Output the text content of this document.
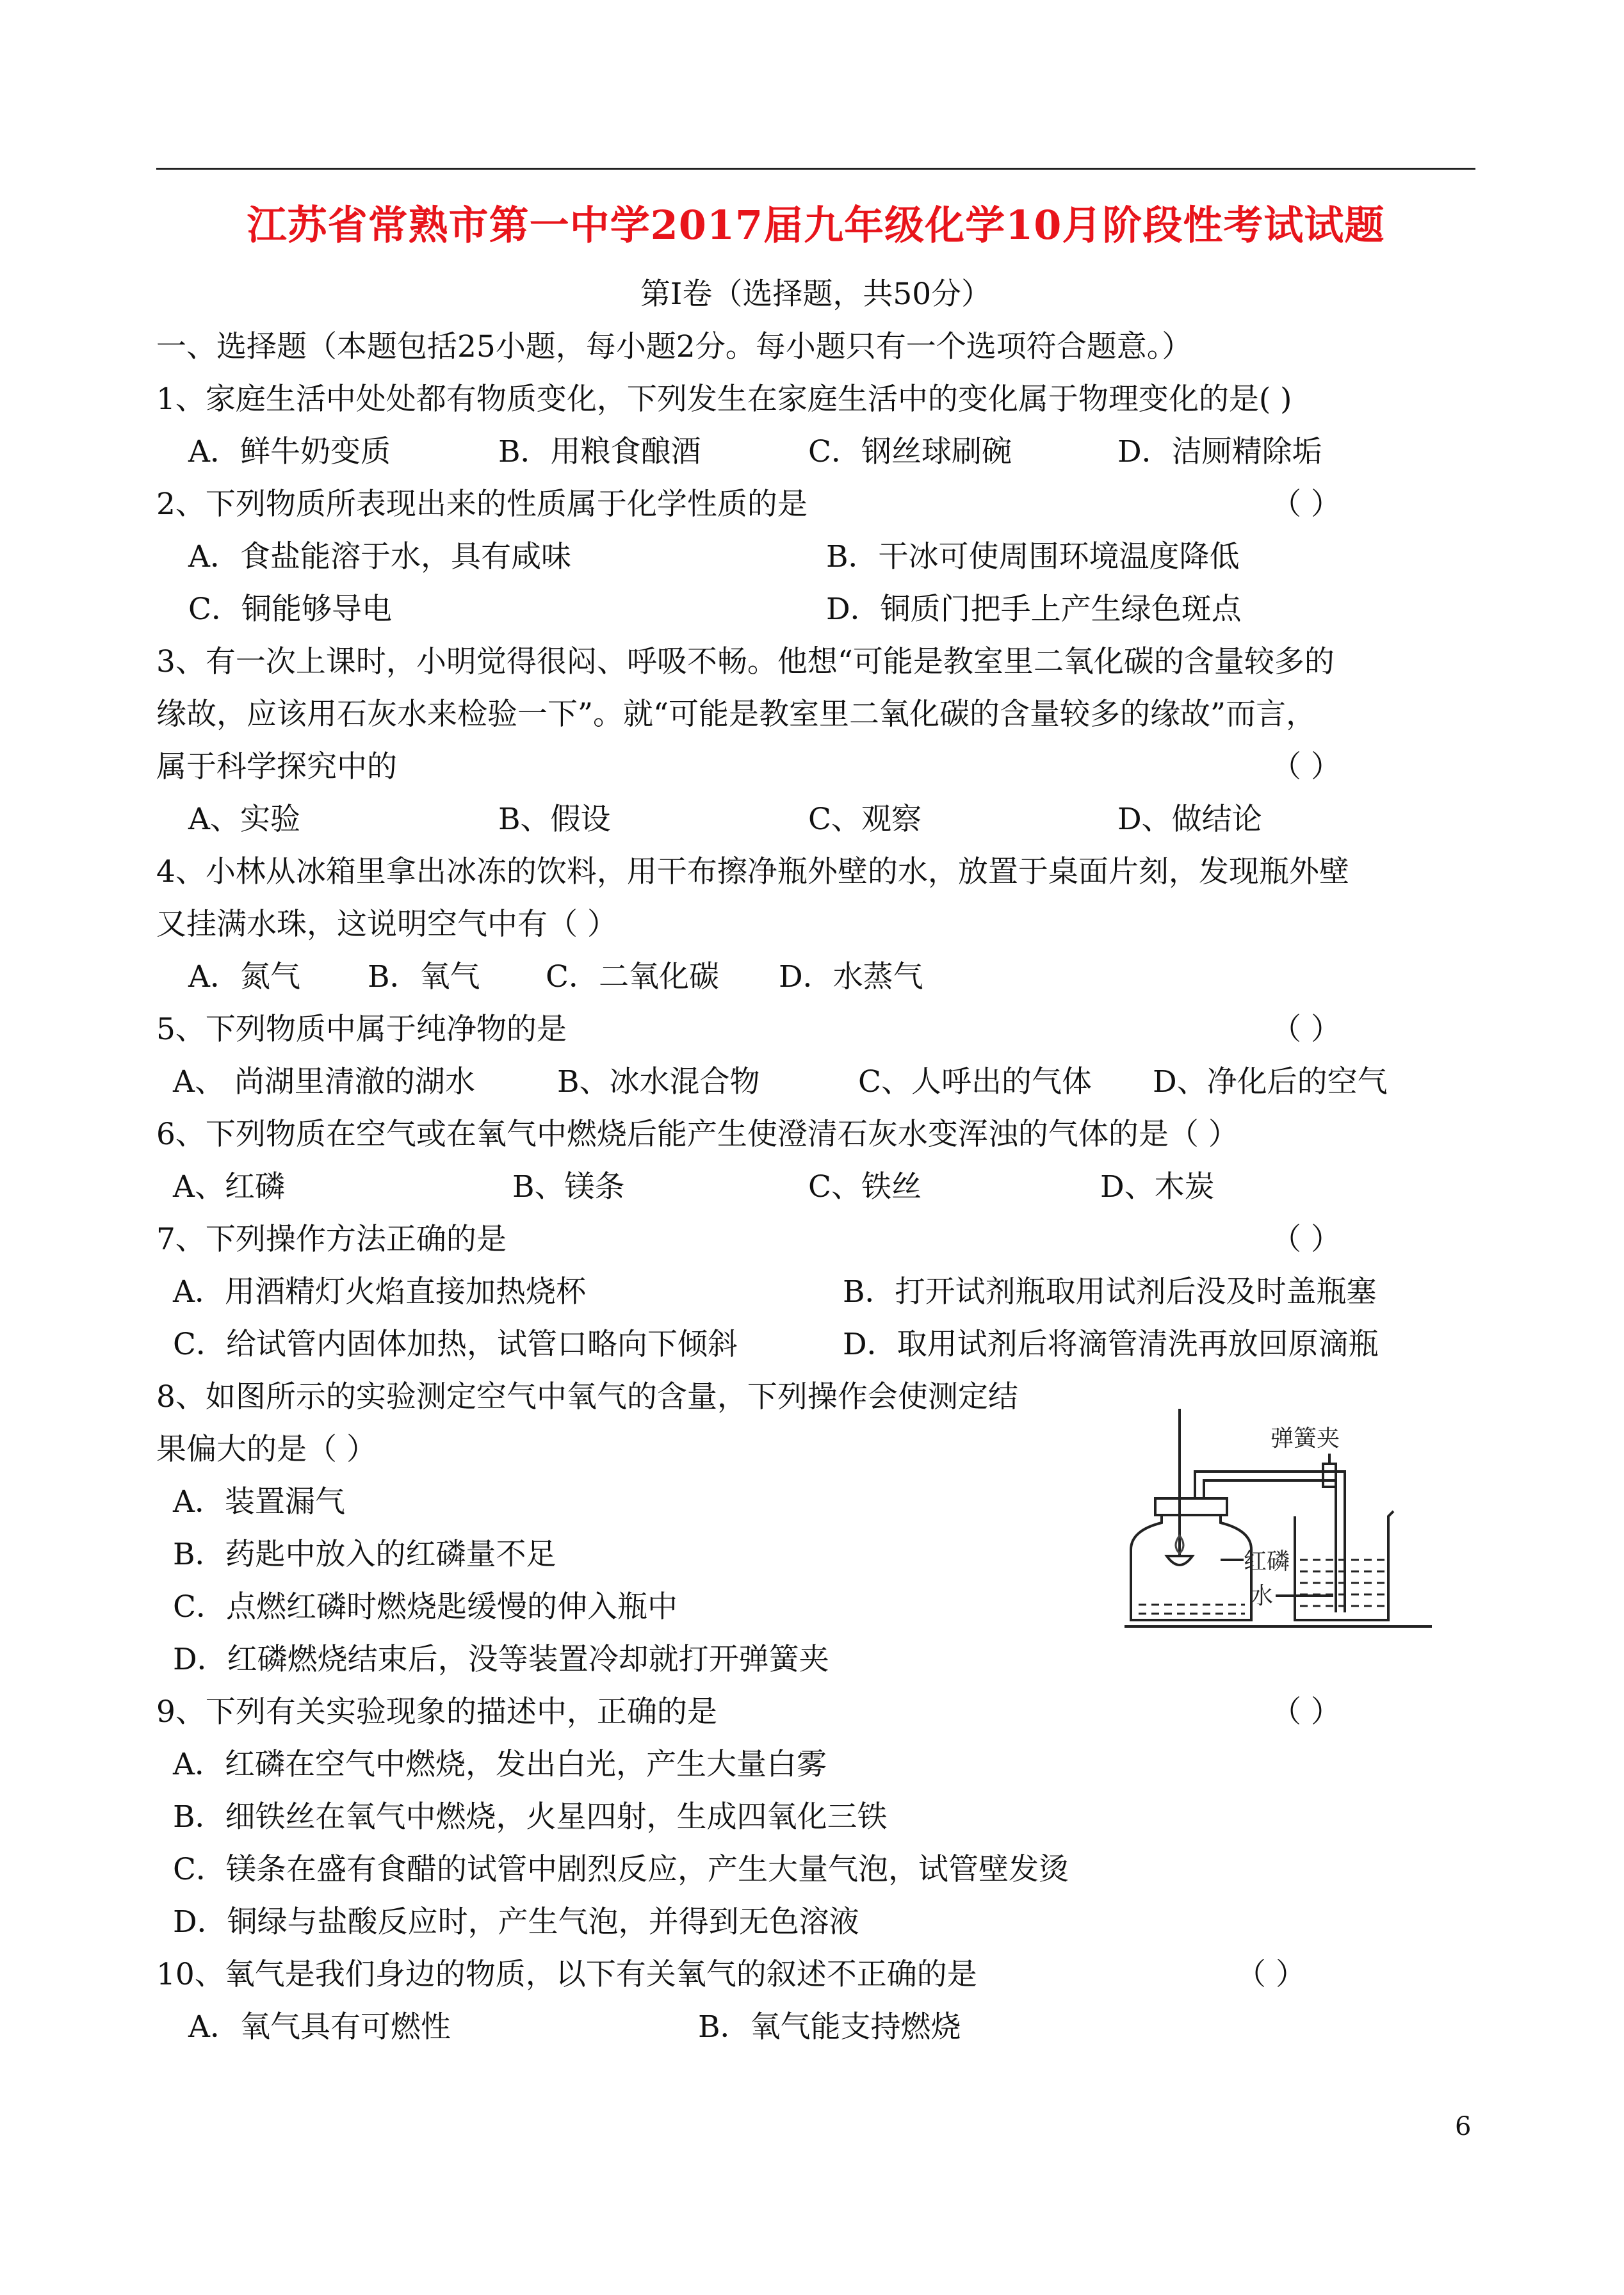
江苏省常熟市第一中学2017届九年级化学10月阶段性考试试题
第Ⅰ卷（选择题，共50分）
一、选择题（本题包括25小题，每小题2分。每小题只有一个选项符合题意。）
1、家庭生活中处处都有物质变化，下列发生在家庭生活中的变化属于物理变化的是( )
A．鲜牛奶变质	B．用粮食酿酒	C．钢丝球刷碗	D．洁厕精除垢
2、下列物质所表现出来的性质属于化学性质的是	（ ）
A．食盐能溶于水，具有咸味	B．干冰可使周围环境温度降低
C．铜能够导电	D．铜质门把手上产生绿色斑点
3、有一次上课时，小明觉得很闷、呼吸不畅。他想“可能是教室里二氧化碳的含量较多的
缘故，应该用石灰水来检验一下”。就“可能是教室里二氧化碳的含量较多的缘故”而言，
属于科学探究中的	（ ）
A、实验	B、假设	C、观察	D、做结论
4、小林从冰箱里拿出冰冻的饮料，用干布擦净瓶外壁的水，放置于桌面片刻，发现瓶外壁
又挂满水珠，这说明空气中有（ ）
A．氮气 B．氧气 C．二氧化碳 D．水蒸气
5、下列物质中属于纯净物的是	（ ）
A、 尚湖里清澈的湖水	B、冰水混合物	C、人呼出的气体 D、净化后的空气
6、下列物质在空气或在氧气中燃烧后能产生使澄清石灰水变浑浊的气体的是（ ）
A、红磷	B、镁条	C、铁丝	D、木炭
7、下列操作方法正确的是	（ ）
A．用酒精灯火焰直接加热烧杯	B．打开试剂瓶取用试剂后没及时盖瓶塞
C．给试管内固体加热，试管口略向下倾斜	D．取用试剂后将滴管清洗再放回原滴瓶
8、如图所示的实验测定空气中氧气的含量，下列操作会使测定结
果偏大的是（ ）
A．装置漏气
B．药匙中放入的红磷量不足
C．点燃红磷时燃烧匙缓慢的伸入瓶中
D．红磷燃烧结束后，没等装置冷却就打开弹簧夹
弹簧夹
红磷
水
9、下列有关实验现象的描述中，正确的是	（ ）
A．红磷在空气中燃烧，发出白光，产生大量白雾
B．细铁丝在氧气中燃烧，火星四射，生成四氧化三铁
C．镁条在盛有食醋的试管中剧烈反应，产生大量气泡，试管壁发烫
D．铜绿与盐酸反应时，产生气泡，并得到无色溶液
10、氧气是我们身边的物质，以下有关氧气的叙述不正确的是	（ ）
A．氧气具有可燃性	B．氧气能支持燃烧
6
